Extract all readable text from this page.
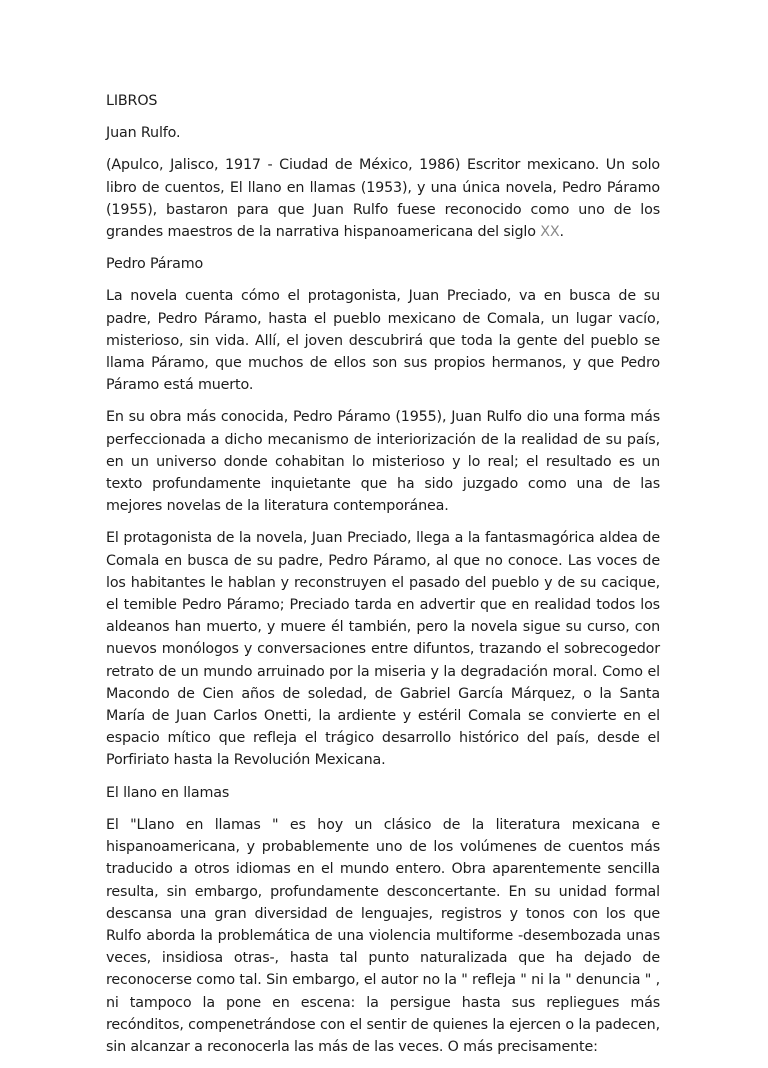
LIBROS
Juan Rulfo.

(Apulco, Jalisco, 1917 - Ciudad de México, 1986) Escritor mexicano. Un solo libro de cuentos, El llano en llamas (1953), y una única novela, Pedro Páramo (1955), bastaron para que Juan Rulfo fuese reconocido como uno de los grandes maestros de la narrativa hispanoamericana del siglo XX.

Pedro Páramo

La novela cuenta cómo el protagonista, Juan Preciado, va en busca de su padre, Pedro Páramo, hasta el pueblo mexicano de Comala, un lugar vacío, misterioso, sin vida. Allí, el joven descubrirá que toda la gente del pueblo se llama Páramo, que muchos de ellos son sus propios hermanos, y que Pedro Páramo está muerto.

En su obra más conocida, Pedro Páramo (1955), Juan Rulfo dio una forma más perfeccionada a dicho mecanismo de interiorización de la realidad de su país, en un universo donde cohabitan lo misterioso y lo real; el resultado es un texto profundamente inquietante que ha sido juzgado como una de las mejores novelas de la literatura contemporánea.

El protagonista de la novela, Juan Preciado, llega a la fantasmagórica aldea de Comala en busca de su padre, Pedro Páramo, al que no conoce. Las voces de los habitantes le hablan y reconstruyen el pasado del pueblo y de su cacique, el temible Pedro Páramo; Preciado tarda en advertir que en realidad todos los aldeanos han muerto, y muere él también, pero la novela sigue su curso, con nuevos monólogos y conversaciones entre difuntos, trazando el sobrecogedor retrato de un mundo arruinado por la miseria y la degradación moral. Como el Macondo de Cien años de soledad, de Gabriel García Márquez, o la Santa María de Juan Carlos Onetti, la ardiente y estéril Comala se convierte en el espacio mítico que refleja el trágico desarrollo histórico del país, desde el Porfiriato hasta la Revolución Mexicana.

El llano en llamas

El "Llano en llamas " es hoy un clásico de la literatura mexicana e hispanoamericana, y probablemente uno de los volúmenes de cuentos más traducido a otros idiomas en el mundo entero. Obra aparentemente sencilla resulta, sin embargo, profundamente desconcertante. En su unidad formal descansa una gran diversidad de lenguajes, registros y tonos con los que Rulfo aborda la problemática de una violencia multiforme -desembozada unas veces, insidiosa otras-, hasta tal punto naturalizada que ha dejado de reconocerse como tal. Sin embargo, el autor no la " refleja " ni la " denuncia " , ni tampoco la pone en escena: la persigue hasta sus repliegues más recónditos, compenetrándose con el sentir de quienes la ejercen o la padecen, sin alcanzar a reconocerla las más de las veces. O más precisamente:
